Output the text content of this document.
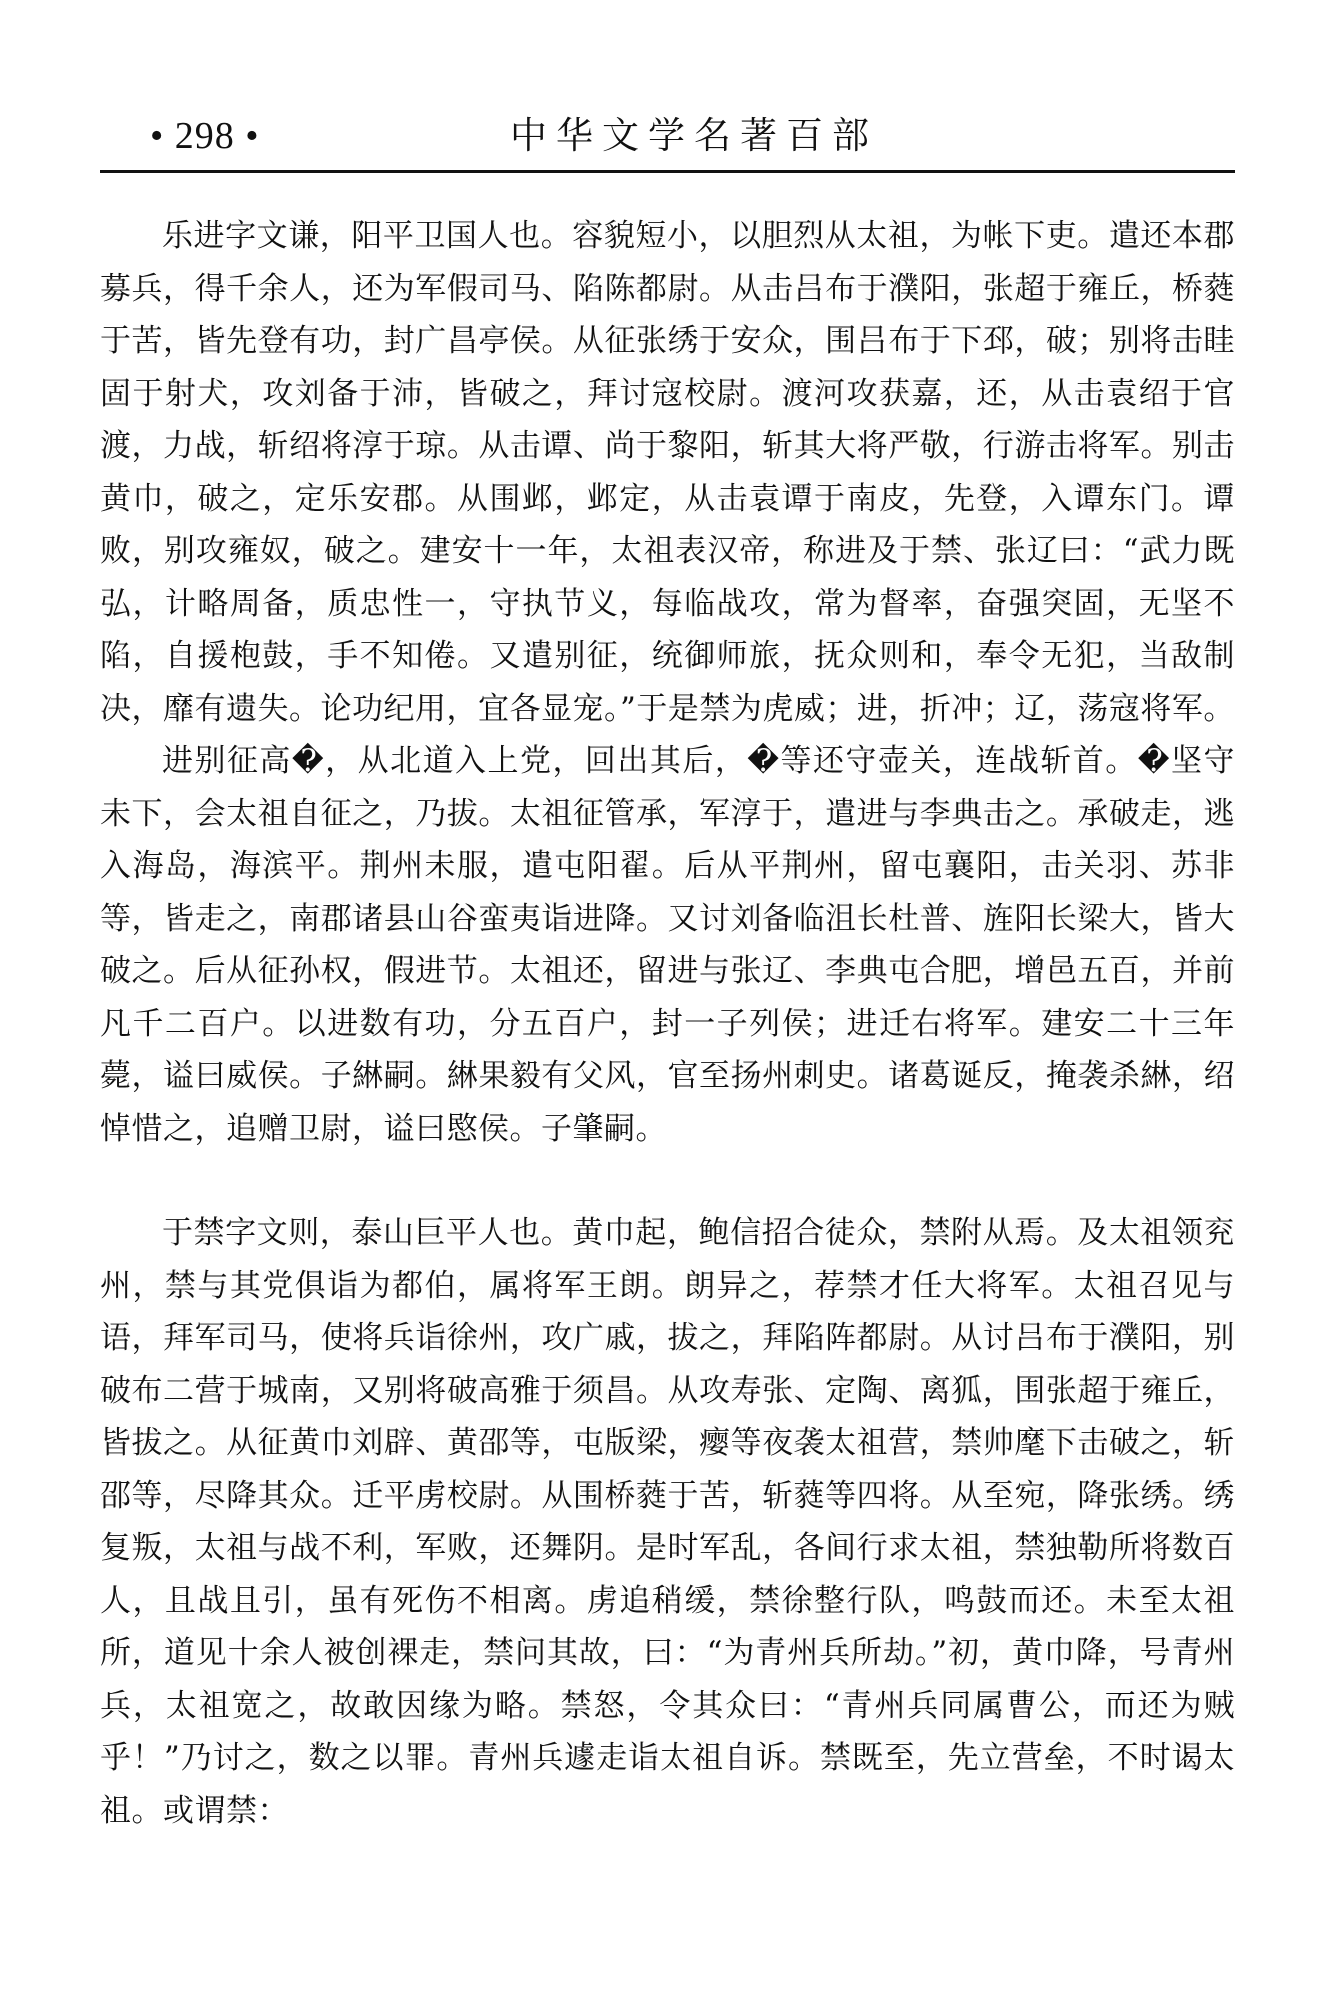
• 298 •	中华文学名著百部

乐进字文谦，阳平卫国人也。容貌短小，以胆烈从太祖，为帐下吏。遣还本郡募兵，得千余人，还为军假司马、陷陈都尉。从击吕布于濮阳，张超于雍丘，桥蕤于苦，皆先登有功，封广昌亭侯。从征张绣于安众，围吕布于下邳，破；别将击眭固于射犬，攻刘备于沛，皆破之，拜讨寇校尉。渡河攻获嘉，还，从击袁绍于官渡，力战，斩绍将淳于琼。从击谭、尚于黎阳，斩其大将严敬，行游击将军。别击黄巾，破之，定乐安郡。从围邺，邺定，从击袁谭于南皮，先登，入谭东门。谭败，别攻雍奴，破之。建安十一年，太祖表汉帝，称进及于禁、张辽曰：“武力既弘，计略周备，质忠性一，守执节义，每临战攻，常为督率，奋强突固，无坚不陷，自援枹鼓，手不知倦。又遣别征，统御师旅，抚众则和，奉令无犯，当敌制决，靡有遗失。论功纪用，宜各显宠。”于是禁为虎威；进，折冲；辽，荡寇将军。

进别征高�，从北道入上党，回出其后，�等还守壶关，连战斩首。�坚守未下，会太祖自征之，乃拔。太祖征管承，军淳于，遣进与李典击之。承破走，逃入海岛，海滨平。荆州未服，遣屯阳翟。后从平荆州，留屯襄阳，击关羽、苏非等，皆走之，南郡诸县山谷蛮夷诣进降。又讨刘备临沮长杜普、旌阳长梁大，皆大破之。后从征孙权，假进节。太祖还，留进与张辽、李典屯合肥，增邑五百，并前凡千二百户。以进数有功，分五百户，封一子列侯；进迁右将军。建安二十三年薨，谥曰威侯。子綝嗣。綝果毅有父风，官至扬州刺史。诸葛诞反，掩袭杀綝，绍悼惜之，追赠卫尉，谥曰愍侯。子肇嗣。

于禁字文则，泰山巨平人也。黄巾起，鲍信招合徒众，禁附从焉。及太祖领兖州，禁与其党俱诣为都伯，属将军王朗。朗异之，荐禁才任大将军。太祖召见与语，拜军司马，使将兵诣徐州，攻广戚，拔之，拜陷阵都尉。从讨吕布于濮阳，别破布二营于城南，又别将破高雅于须昌。从攻寿张、定陶、离狐，围张超于雍丘，皆拔之。从征黄巾刘辟、黄邵等，屯版梁，瘿等夜袭太祖营，禁帅麾下击破之，斩邵等，尽降其众。迁平虏校尉。从围桥蕤于苦，斩蕤等四将。从至宛，降张绣。绣复叛，太祖与战不利，军败，还舞阴。是时军乱，各间行求太祖，禁独勒所将数百人，且战且引，虽有死伤不相离。虏追稍缓，禁徐整行队，鸣鼓而还。未至太祖所，道见十余人被创裸走，禁问其故，曰：“为青州兵所劫。”初，黄巾降，号青州兵，太祖宽之，故敢因缘为略。禁怒，令其众曰：“青州兵同属曹公，而还为贼乎！”乃讨之，数之以罪。青州兵遽走诣太祖自诉。禁既至，先立营垒，不时谒太祖。或谓禁：
